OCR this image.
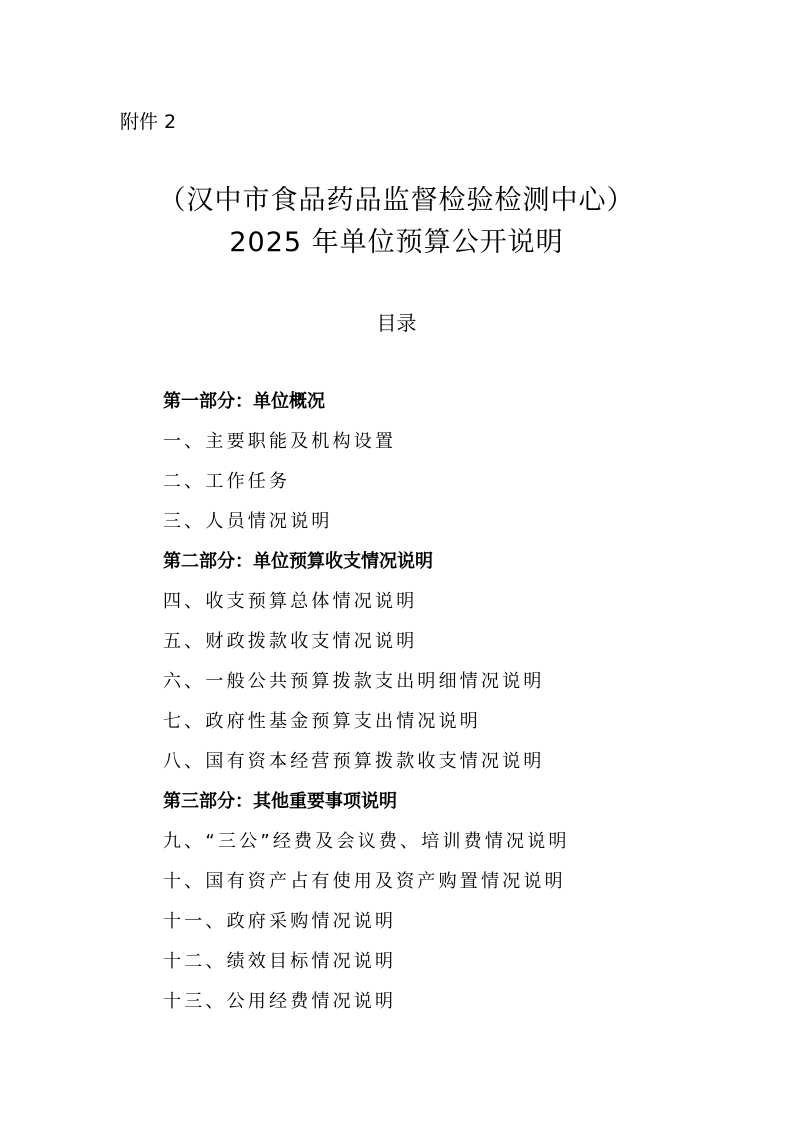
附件 2
（汉中市食品药品监督检验检测中心）
2025 年单位预算公开说明
目录
第一部分：单位概况
一、主要职能及机构设置
二、工作任务
三、人员情况说明
第二部分：单位预算收支情况说明
四、收支预算总体情况说明
五、财政拨款收支情况说明
六、一般公共预算拨款支出明细情况说明
七、政府性基金预算支出情况说明
八、国有资本经营预算拨款收支情况说明
第三部分：其他重要事项说明
九、“三公”经费及会议费、培训费情况说明
十、国有资产占有使用及资产购置情况说明
十一、政府采购情况说明
十二、绩效目标情况说明
十三、公用经费情况说明
